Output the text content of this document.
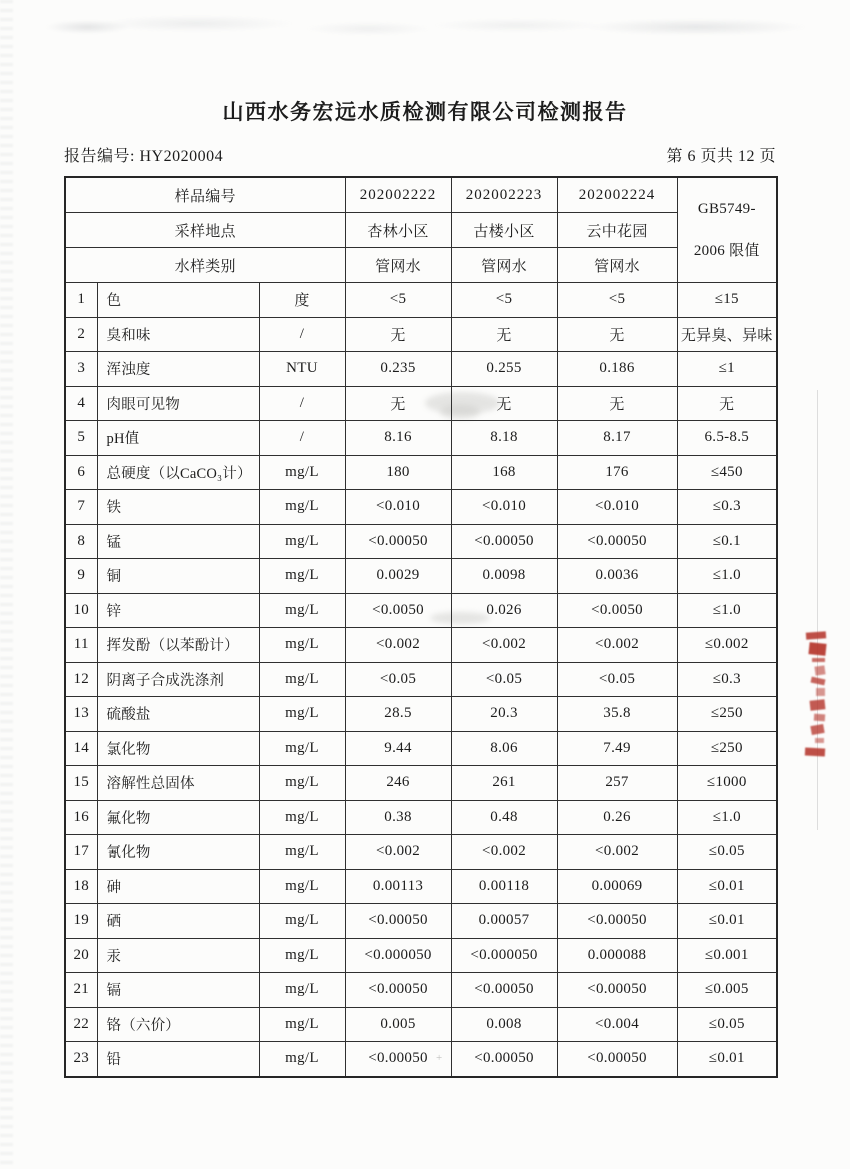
+
山西水务宏远水质检测有限公司检测报告
报告编号: HY2020004	第 6 页共 12 页
样品编号			202002222	202002223	202002224	GB5749-
2006 限值

采样地点			杏林小区	古楼小区	云中花园	
水样类别			管网水	管网水	管网水	
1	色	度	<5	<5	<5	≤15
2	臭和味	/	无	无	无	无异臭、异味
3	浑浊度	NTU	0.235	0.255	0.186	≤1
4	肉眼可见物	/	无	无	无	无
5	pH值	/	8.16	8.18	8.17	6.5-8.5
6	总硬度（以CaCO₃计）	mg/L	180	168	176	≤450
7	铁	mg/L	<0.010	<0.010	<0.010	≤0.3
8	锰	mg/L	<0.00050	<0.00050	<0.00050	≤0.1
9	铜	mg/L	0.0029	0.0098	0.0036	≤1.0
10	锌	mg/L	<0.0050	0.026	<0.0050	≤1.0
11	挥发酚（以苯酚计）	mg/L	<0.002	<0.002	<0.002	≤0.002
12	阴离子合成洗涤剂	mg/L	<0.05	<0.05	<0.05	≤0.3
13	硫酸盐	mg/L	28.5	20.3	35.8	≤250
14	氯化物	mg/L	9.44	8.06	7.49	≤250
15	溶解性总固体	mg/L	246	261	257	≤1000
16	氟化物	mg/L	0.38	0.48	0.26	≤1.0
17	氰化物	mg/L	<0.002	<0.002	<0.002	≤0.05
18	砷	mg/L	0.00113	0.00118	0.00069	≤0.01
19	硒	mg/L	<0.00050	0.00057	<0.00050	≤0.01
20	汞	mg/L	<0.000050	<0.000050	0.000088	≤0.001
21	镉	mg/L	<0.00050	<0.00050	<0.00050	≤0.005
22	铬（六价）	mg/L	0.005	0.008	<0.004	≤0.05
23	铅	mg/L	<0.00050	<0.00050	<0.00050	≤0.01
